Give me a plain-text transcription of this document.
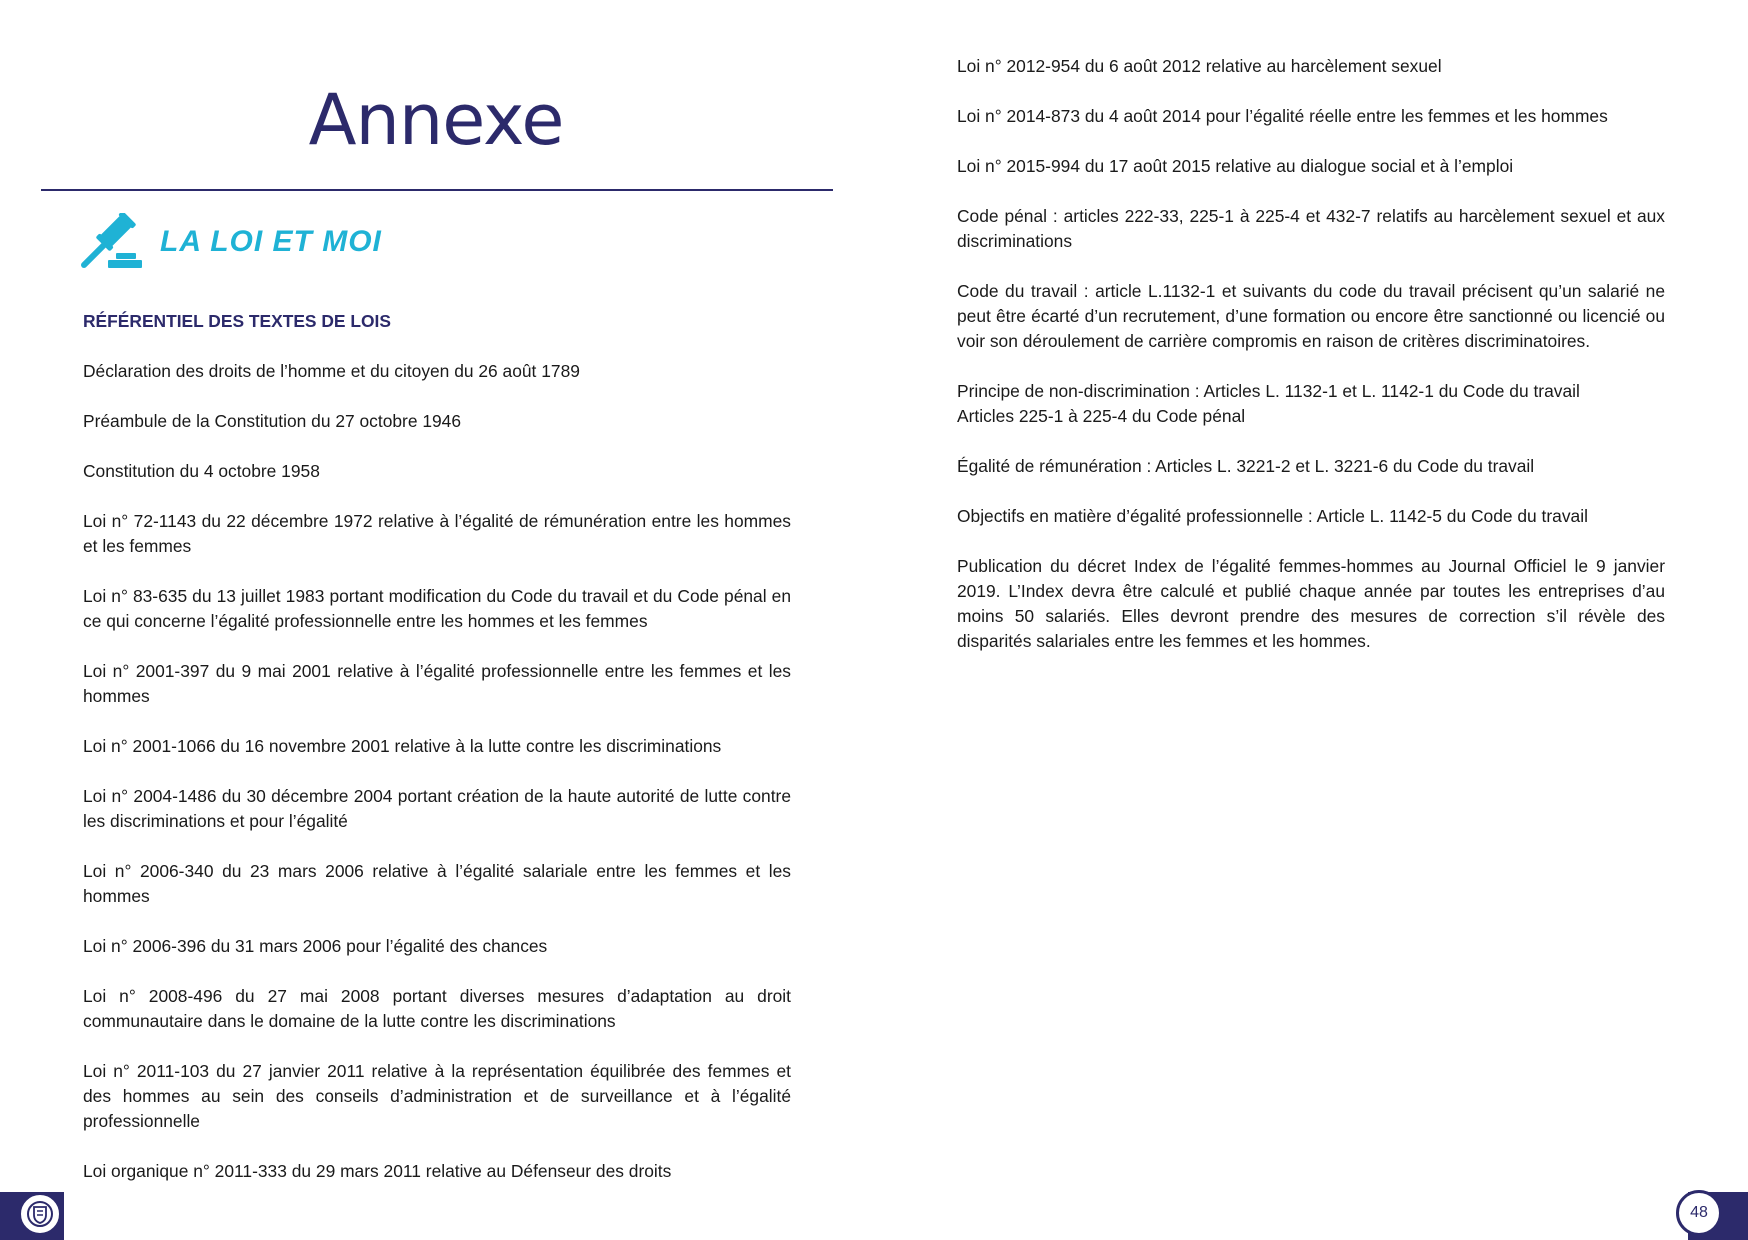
Annexe
LA LOI ET MOI
RÉFÉRENTIEL DES TEXTES DE LOIS
Déclaration des droits de l’homme et du citoyen du 26 août 1789
Préambule de la Constitution du 27 octobre 1946
Constitution du 4 octobre 1958
Loi n° 72-1143 du 22 décembre 1972 relative à l’égalité de rémunération entre les hommes et les femmes
Loi n° 83-635 du 13 juillet 1983 portant modification du Code du travail et du Code pénal en ce qui concerne l’égalité professionnelle entre les hommes et les femmes
Loi n° 2001-397 du 9 mai 2001 relative à l’égalité professionnelle entre les femmes et les hommes
Loi n° 2001-1066 du 16 novembre 2001 relative à la lutte contre les discriminations
Loi n° 2004-1486 du 30 décembre 2004 portant création de la haute autorité de lutte contre les discriminations et pour l’égalité
Loi n° 2006-340 du 23 mars 2006 relative à l’égalité salariale entre les femmes et les hommes
Loi n° 2006-396 du 31 mars 2006 pour l’égalité des chances
Loi n° 2008-496 du 27 mai 2008 portant diverses mesures d’adaptation au droit communautaire dans le domaine de la lutte contre les discriminations
Loi n° 2011-103 du 27 janvier 2011 relative à la représentation équilibrée des femmes et des hommes au sein des conseils d’administration et de surveillance et à l’égalité professionnelle
Loi organique n° 2011-333 du 29 mars 2011 relative au Défenseur des droits
Loi n° 2012-954 du 6 août 2012 relative au harcèlement sexuel
Loi n° 2014-873 du 4 août 2014 pour l’égalité réelle entre les femmes et les hommes
Loi n° 2015-994 du 17 août 2015 relative au dialogue social et à l’emploi
Code pénal : articles 222-33, 225-1 à 225-4 et 432-7 relatifs au harcèlement sexuel et aux discriminations
Code du travail : article L.1132-1 et suivants du code du travail précisent qu’un salarié ne peut être écarté d’un recrutement, d’une formation ou encore être sanctionné ou licencié ou voir son déroulement de carrière compromis en raison de critères discriminatoires.
Principe de non-discrimination : Articles L. 1132-1 et L. 1142-1 du Code du travail
Articles 225-1 à 225-4 du Code pénal
Égalité de rémunération : Articles L. 3221-2 et L. 3221-6 du Code du travail
Objectifs en matière d’égalité professionnelle : Article L. 1142-5 du Code du travail
Publication du décret Index de l’égalité femmes-hommes au Journal Officiel le 9 janvier 2019. L’Index devra être calculé et publié chaque année par toutes les entreprises d’au moins 50 salariés. Elles devront prendre des mesures de correction s’il révèle des disparités salariales entre les femmes et les hommes.
48
